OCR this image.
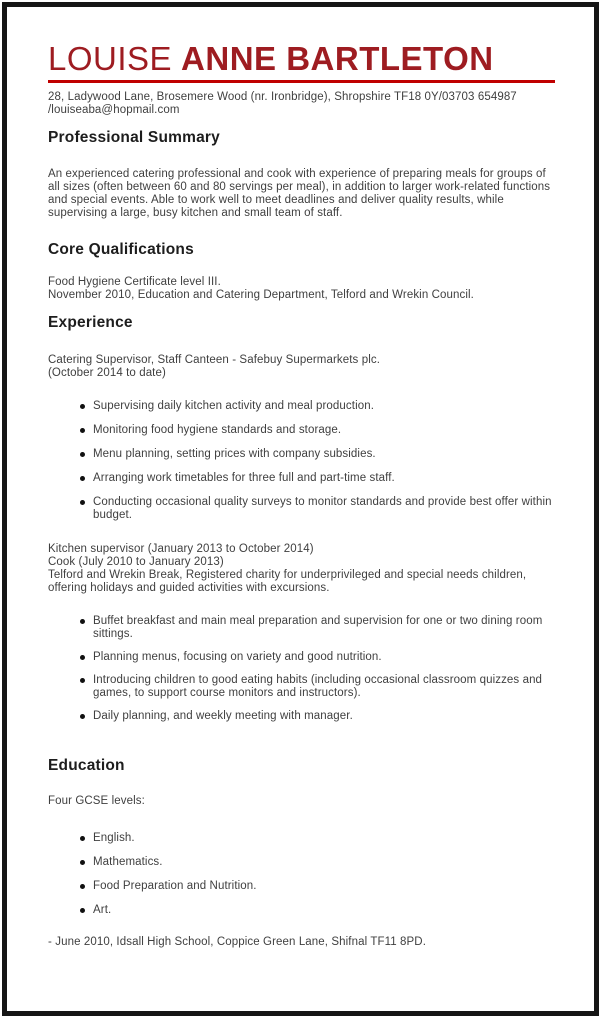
LOUISE ANNE BARTLETON

28, Ladywood Lane, Brosemere Wood (nr. Ironbridge), Shropshire TF18 0Y/03703 654987
/louiseaba@hopmail.com

Professional Summary

An experienced catering professional and cook with experience of preparing meals for groups of all sizes (often between 60 and 80 servings per meal), in addition to larger work-related functions and special events. Able to work well to meet deadlines and deliver quality results, while supervising a large, busy kitchen and small team of staff.

Core Qualifications

Food Hygiene Certificate level III.
November 2010, Education and Catering Department, Telford and Wrekin Council.

Experience

Catering Supervisor, Staff Canteen - Safebuy Supermarkets plc.
(October 2014 to date)

Supervising daily kitchen activity and meal production.
Monitoring food hygiene standards and storage.
Menu planning, setting prices with company subsidies.
Arranging work timetables for three full and part-time staff.
Conducting occasional quality surveys to monitor standards and provide best offer within budget.

Kitchen supervisor (January 2013 to October 2014)
Cook (July 2010 to January 2013)
Telford and Wrekin Break, Registered charity for underprivileged and special needs children, offering holidays and guided activities with excursions.

Buffet breakfast and main meal preparation and supervision for one or two dining room sittings.
Planning menus, focusing on variety and good nutrition.
Introducing children to good eating habits (including occasional classroom quizzes and games, to support course monitors and instructors).
Daily planning, and weekly meeting with manager.
Education

Four GCSE levels:

English.
Mathematics.
Food Preparation and Nutrition.
Art.

- June 2010, Idsall High School, Coppice Green Lane, Shifnal TF11 8PD.
